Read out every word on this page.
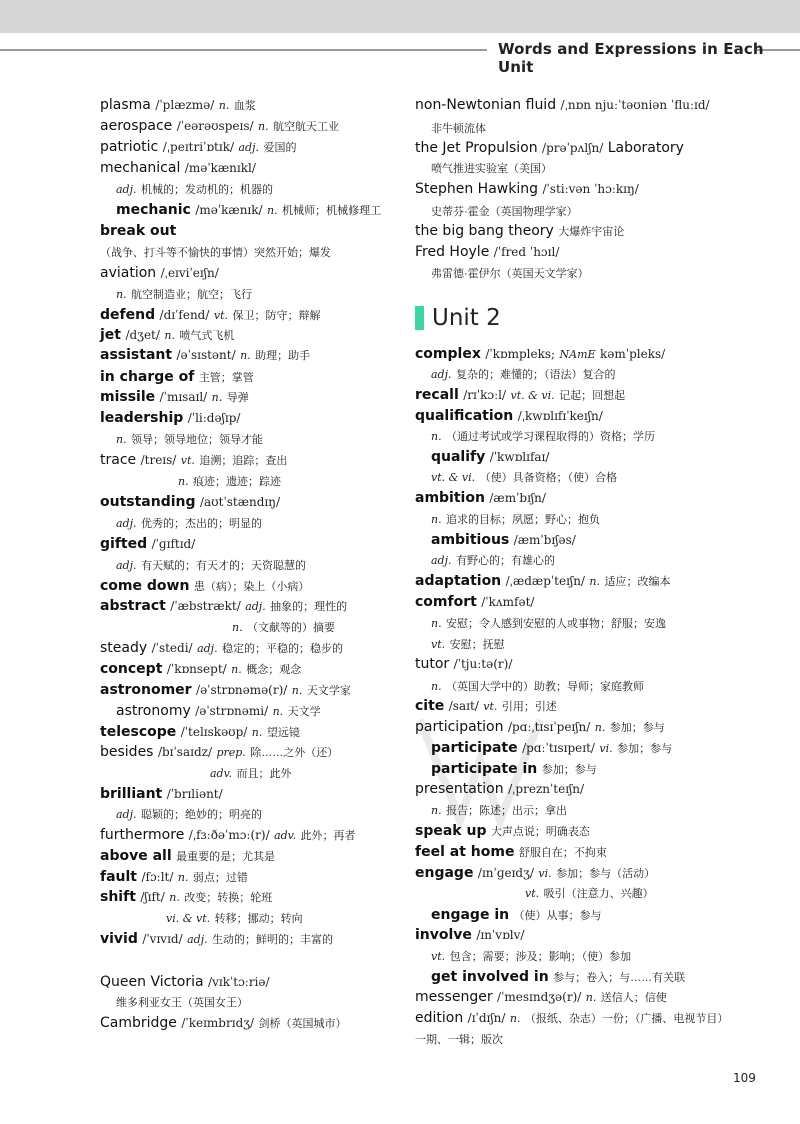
Words and Expressions in Each Unit
plasma /ˈplæzmə/ n. 血浆
aerospace /ˈeərəʊspeɪs/ n. 航空航天工业
patriotic /ˌpeɪtriˈɒtɪk/ adj. 爱国的
mechanical /məˈkænɪkl/
adj. 机械的；发动机的；机器的
mechanic /məˈkænɪk/ n. 机械师；机械修理工
break out
（战争、打斗等不愉快的事情）突然开始；爆发
aviation /ˌeɪviˈeɪʃn/
n. 航空制造业；航空；飞行
defend /dɪˈfend/ vt. 保卫；防守；辩解
jet /dʒet/ n. 喷气式飞机
assistant /əˈsɪstənt/ n. 助理；助手
in charge of 主管；掌管
missile /ˈmɪsaɪl/ n. 导弹
leadership /ˈliːdəʃɪp/
n. 领导；领导地位；领导才能
trace /treɪs/ vt. 追溯；追踪；查出
n. 痕迹；遗迹；踪迹
outstanding /aʊtˈstændɪŋ/
adj. 优秀的；杰出的；明显的
gifted /ˈɡɪftɪd/
adj. 有天赋的；有天才的；天资聪慧的
come down 患（病）；染上（小病）
abstract /ˈæbstrækt/ adj. 抽象的；理性的
n. （文献等的）摘要
steady /ˈstedi/ adj. 稳定的；平稳的；稳步的
concept /ˈkɒnsept/ n. 概念；观念
astronomer /əˈstrɒnəmə(r)/ n. 天文学家
astronomy /əˈstrɒnəmi/ n. 天文学
telescope /ˈtelɪskəʊp/ n. 望远镜
besides /bɪˈsaɪdz/ prep. 除……之外（还）
adv. 而且；此外
brilliant /ˈbrɪliənt/
adj. 聪颖的；绝妙的；明亮的
furthermore /ˌfɜːðəˈmɔː(r)/ adv. 此外；再者
above all 最重要的是；尤其是
fault /fɔːlt/ n. 弱点；过错
shift /ʃɪft/ n. 改变；转换；轮班
vi. & vt. 转移；挪动；转向
vivid /ˈvɪvɪd/ adj. 生动的；鲜明的；丰富的
Queen Victoria /vɪkˈtɔːriə/
维多利亚女王（英国女王）
Cambridge /ˈkeɪmbrɪdʒ/ 剑桥（英国城市）
non-Newtonian fluid /ˌnɒn njuːˈtəʊniən ˈfluːɪd/
非牛顿流体
the Jet Propulsion /prəˈpʌlʃn/ Laboratory
喷气推进实验室（美国）
Stephen Hawking /ˈstiːvən ˈhɔːkɪŋ/
史蒂芬·霍金（英国物理学家）
the big bang theory 大爆炸宇宙论
Fred Hoyle /ˈfred ˈhɔɪl/
弗雷德·霍伊尔（英国天文学家）
complex /ˈkɒmpleks; NAmE kəmˈpleks/
adj. 复杂的；难懂的；（语法）复合的
recall /rɪˈkɔːl/ vt. & vi. 记起；回想起
qualification /ˌkwɒlɪfɪˈkeɪʃn/
n. （通过考试或学习课程取得的）资格；学历
qualify /ˈkwɒlɪfaɪ/
vt. & vi. （使）具备资格；（使）合格
ambition /æmˈbɪʃn/
n. 追求的目标；夙愿；野心；抱负
ambitious /æmˈbɪʃəs/
adj. 有野心的；有雄心的
adaptation /ˌædæpˈteɪʃn/ n. 适应；改编本
comfort /ˈkʌmfət/
n. 安慰；令人感到安慰的人或事物；舒服；安逸
vt. 安慰；抚慰
tutor /ˈtjuːtə(r)/
n. （英国大学中的）助教；导师；家庭教师
cite /saɪt/ vt. 引用；引述
participation /pɑːˌtɪsɪˈpeɪʃn/ n. 参加；参与
participate /pɑːˈtɪsɪpeɪt/ vi. 参加；参与
participate in 参加；参与
presentation /ˌpreznˈteɪʃn/
n. 报告；陈述；出示；拿出
speak up 大声点说；明确表态
feel at home 舒服自在；不拘束
engage /ɪnˈɡeɪdʒ/ vi. 参加；参与（活动）
vt. 吸引（注意力、兴趣）
engage in （使）从事；参与
involve /ɪnˈvɒlv/
vt. 包含；需要；涉及；影响；（使）参加
get involved in 参与；卷入；与……有关联
messenger /ˈmesɪndʒə(r)/ n. 送信人；信使
edition /ɪˈdɪʃn/ n. （报纸、杂志）一份；（广播、电视节目）
一期、一辑；版次
Unit 2
109
